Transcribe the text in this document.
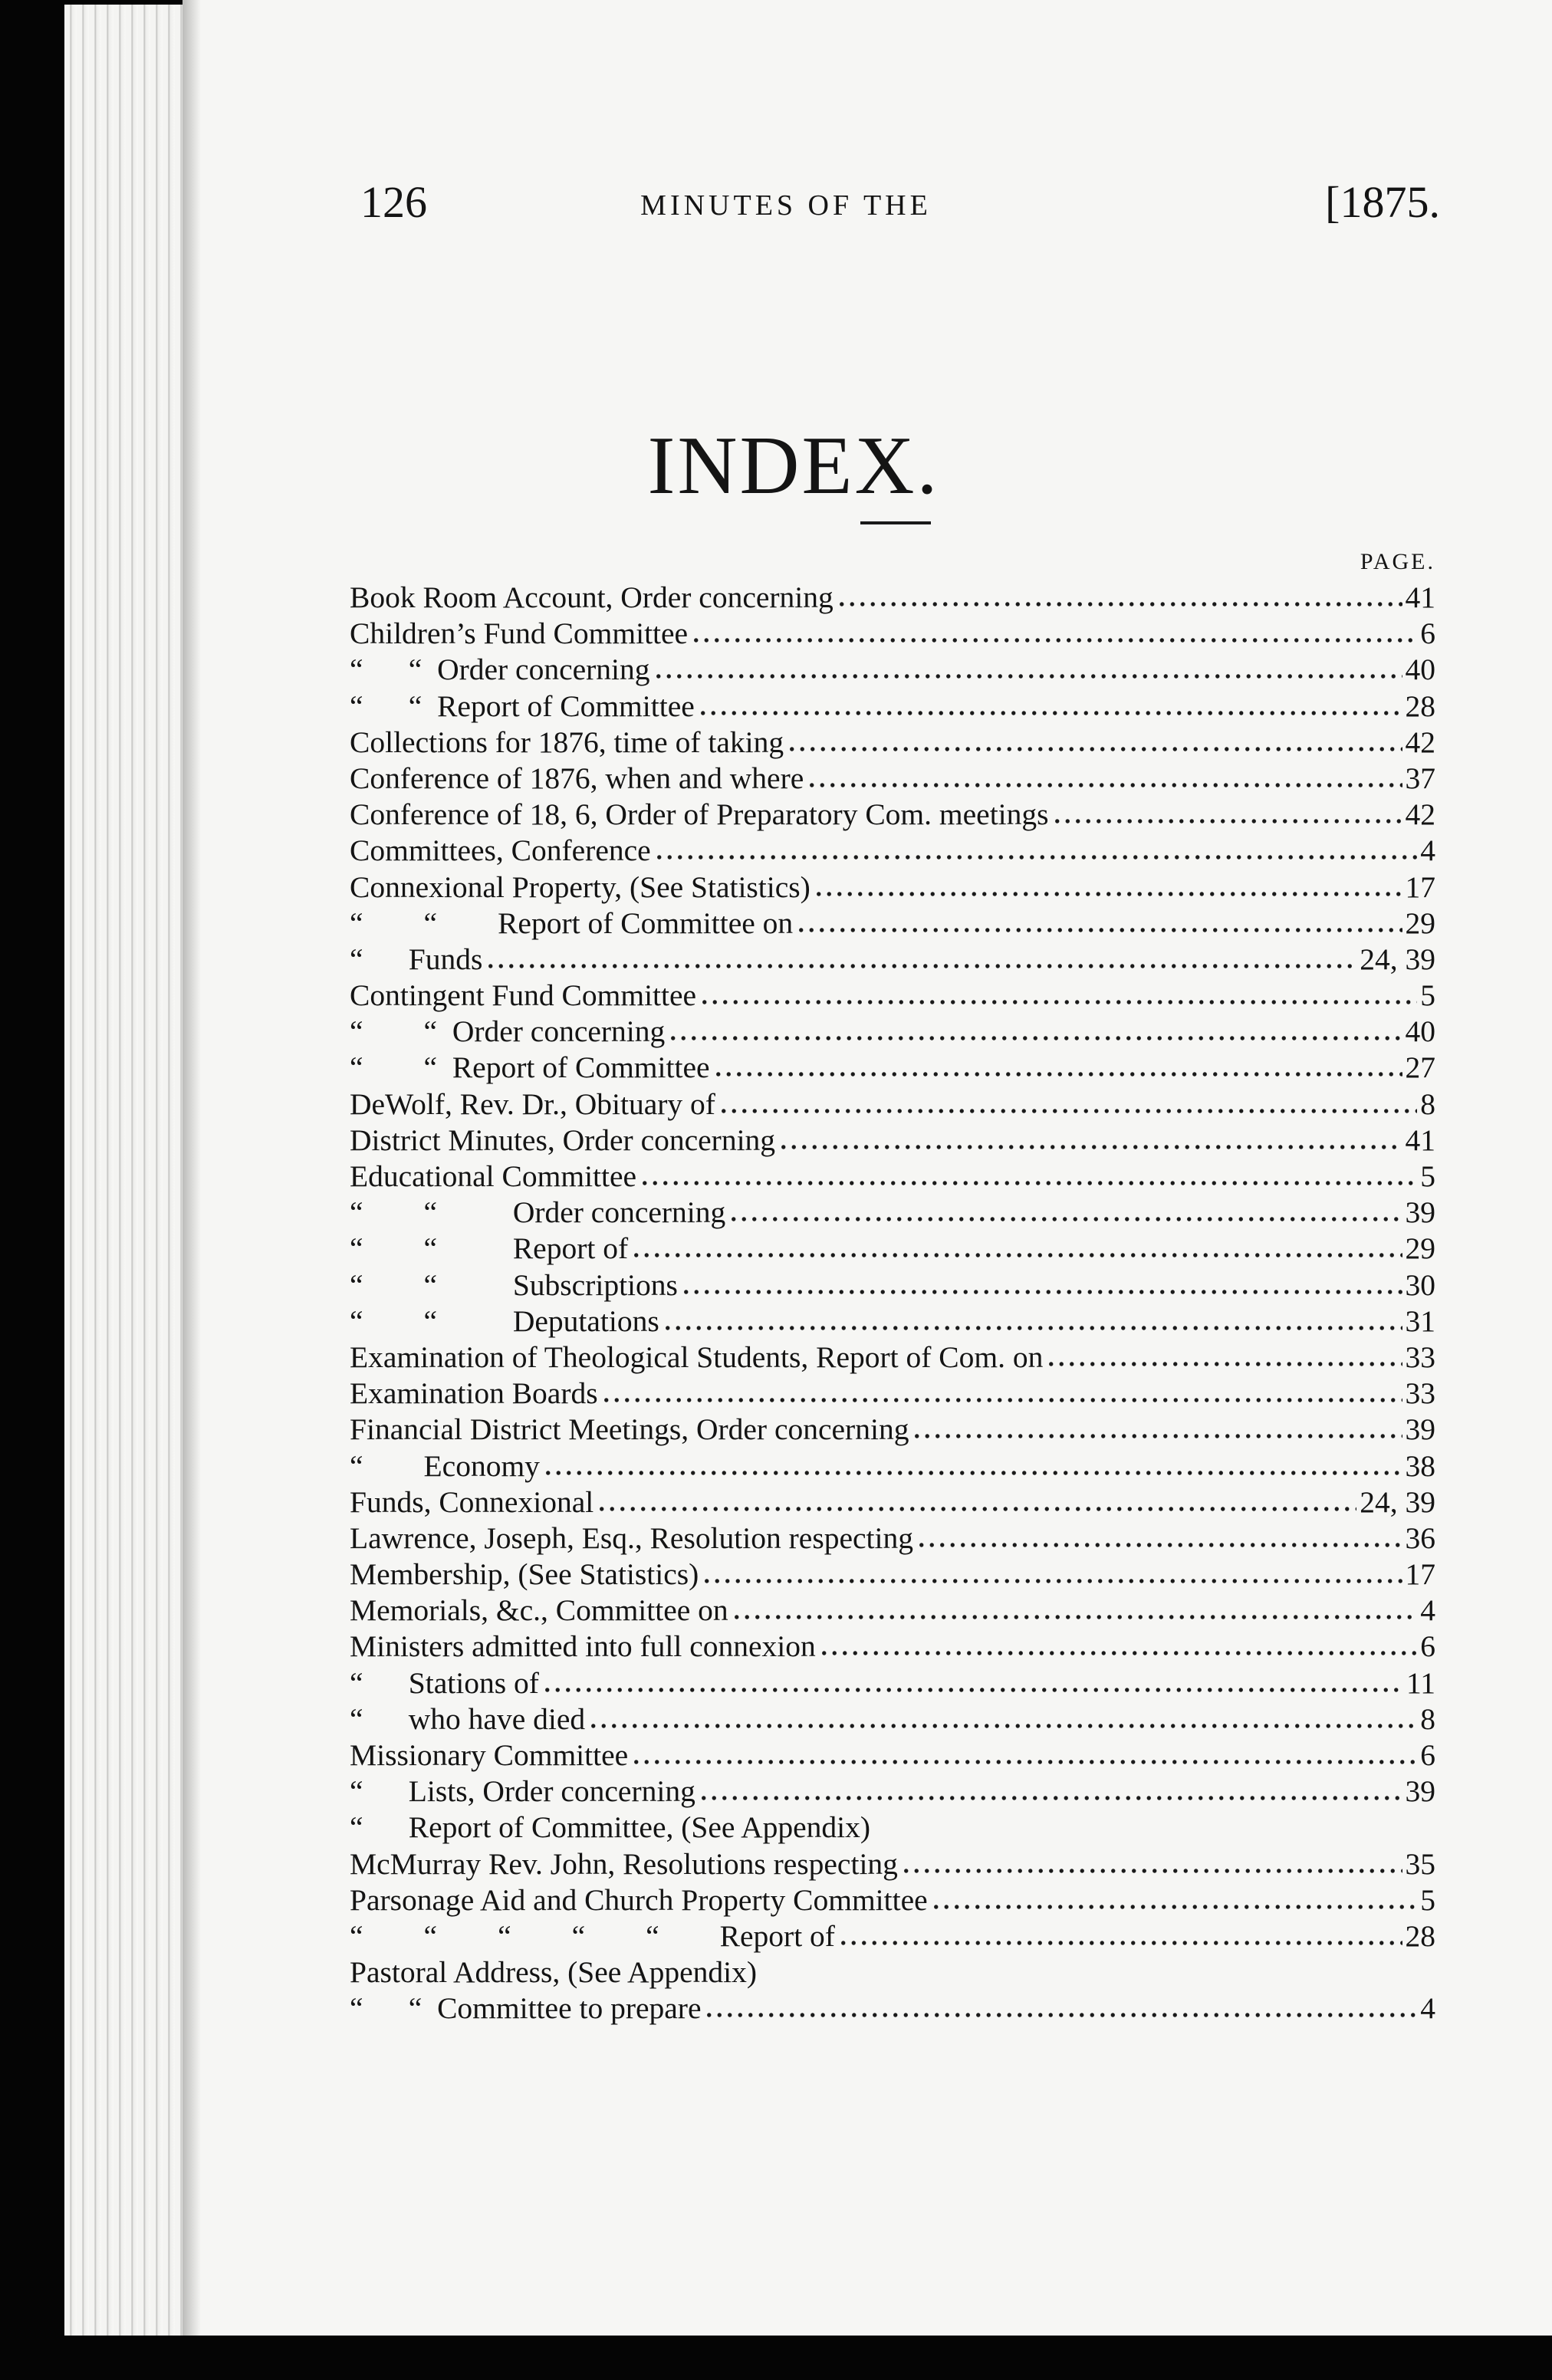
126	MINUTES OF THE	[1875.
INDEX.
PAGE.
Book Room Account, Order concerning	41
Children’s Fund Committee	6
“      “  Order concerning	40
“      “  Report of Committee	28
Collections for 1876, time of taking	42
Conference of 1876, when and where	37
Conference of 18, 6, Order of Preparatory Com. meetings	42
Committees, Conference	4
Connexional Property, (See Statistics)	17
“        “        Report of Committee on	29
“      Funds	24, 39
Contingent Fund Committee	5
“        “  Order concerning	40
“        “  Report of Committee	27
DeWolf, Rev. Dr., Obituary of	8
District Minutes, Order concerning	41
Educational Committee	5
“        “          Order concerning	39
“        “          Report of	29
“        “          Subscriptions	30
“        “          Deputations	31
Examination of Theological Students, Report of Com. on	33
Examination Boards	33
Financial District Meetings, Order concerning	39
“        Economy	38
Funds, Connexional	24, 39
Lawrence, Joseph, Esq., Resolution respecting	36
Membership, (See Statistics)	17
Memorials, &c., Committee on	4
Ministers admitted into full connexion	6
“      Stations of	11
“      who have died	8
Missionary Committee	6
“      Lists, Order concerning	39
“      Report of Committee, (See Appendix)
McMurray Rev. John, Resolutions respecting	35
Parsonage Aid and Church Property Committee	5
“        “        “        “        “        Report of	28
Pastoral Address, (See Appendix)
“      “  Committee to prepare	4
